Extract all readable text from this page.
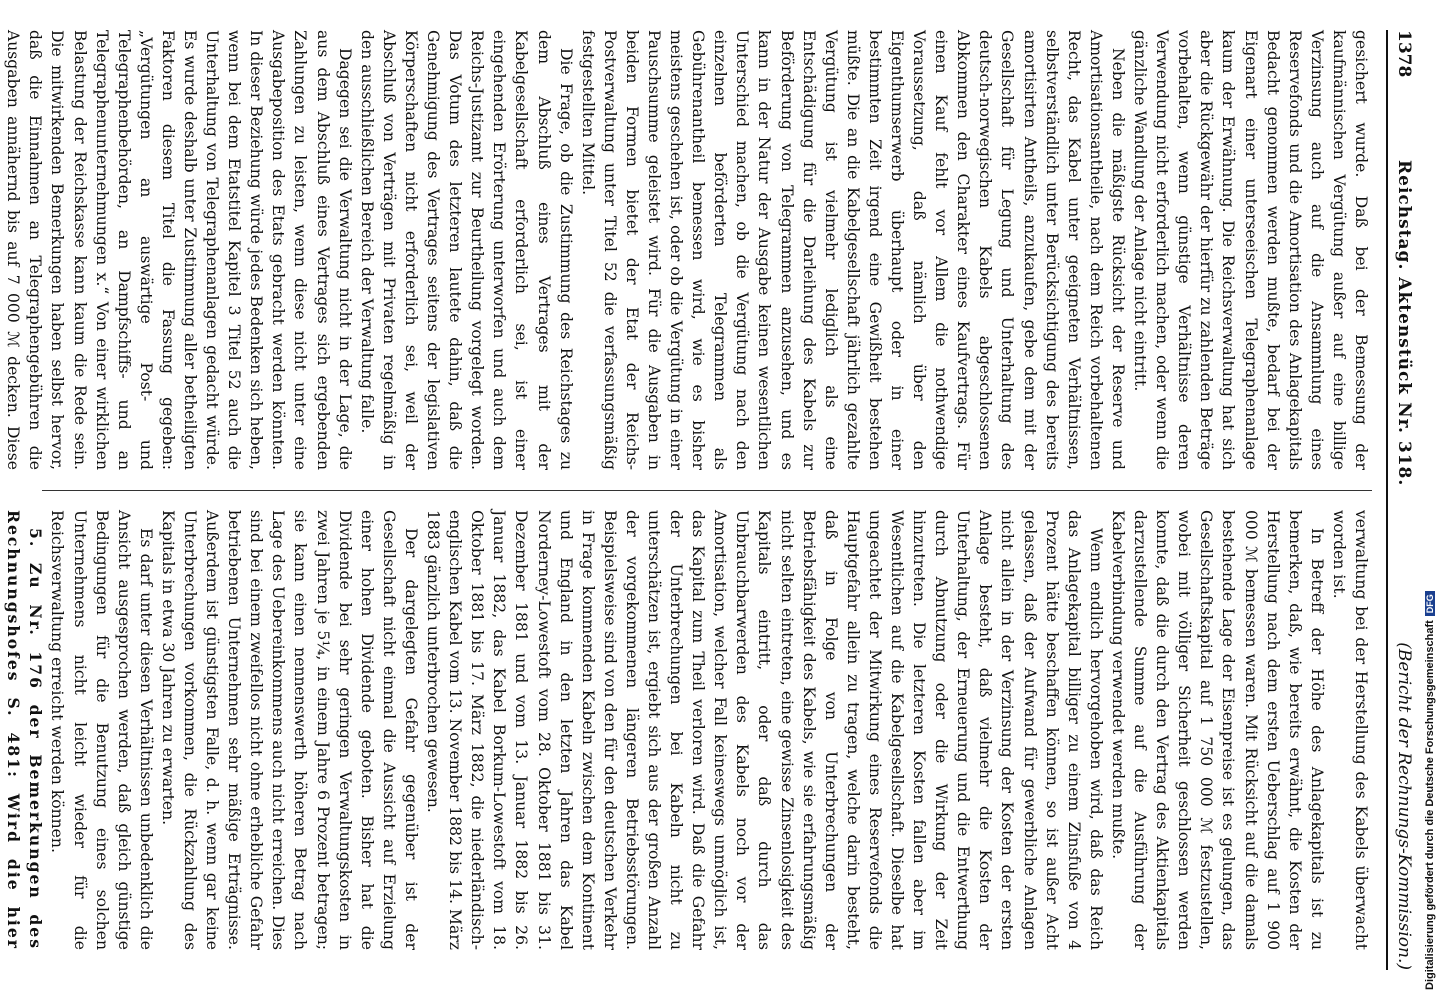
1378
Reichstag. Aktenstück Nr. 318.
(Bericht der Rechnungs-Kommission.)

gesichert wurde. Daß bei der Bemessung der kaufmännischen Vergütung außer auf eine billige Verzinsung auch auf die Ansammlung eines Reservefonds und die Amortisation des Anlagekapitals Bedacht genommen werden mußte, bedarf bei der Eigenart einer unterseeischen Telegraphenanlage kaum der Erwähnung. Die Reichsverwaltung hat sich aber die Rückgewähr der hierfür zu zahlenden Beträge vorbehalten, wenn günstige Verhältnisse deren Verwendung nicht erforderlich machen, oder wenn die gänzliche Wandlung der Anlage nicht eintritt.

Neben die mäßigste Rücksicht der Reserve und Amortisationsantheile, nach dem Reich vorbehaltenen Recht, das Kabel unter geeigneten Verhältnissen, selbstverständlich unter Berücksichtigung des bereits amortisirten Antheils, anzukaufen, gebe dem mit der Gesellschaft für Legung und Unterhaltung des deutsch-norwegischen Kabels abgeschlossenen Abkommen den Charakter eines Kaufvertrags. Für einen Kauf fehlt vor Allem die nothwendige Voraussetzung, daß nämlich über den Eigenthumserwerb überhaupt oder in einer bestimmten Zeit irgend eine Gewißheit bestehen müßte. Die an die Kabelgesellschaft jährlich gezahlte Vergütung ist vielmehr lediglich als eine Entschädigung für die Darleihung des Kabels zur Beförderung von Telegrammen anzusehen, und es kann in der Natur der Ausgabe keinen wesentlichen Unterschied machen, ob die Vergütung nach den einzelnen beförderten Telegrammen als Gebührenantheil bemessen wird, wie es bisher meistens geschehen ist, oder ob die Vergütung in einer Pauschsumme geleistet wird. Für die Ausgaben in beiden Formen bietet der Etat der Reichs-Postverwaltung unter Titel 52 die verfassungsmäßig festgestellten Mittel.

Die Frage, ob die Zustimmung des Reichstages zu dem Abschluß eines Vertrages mit der Kabelgesellschaft erforderlich sei, ist einer eingehenden Erörterung unterworfen und auch dem Reichs-Justizamt zur Beurtheilung vorgelegt worden. Das Votum des letzteren lautete dahin, daß die Genehmigung des Vertrages seitens der legislativen Körperschaften nicht erforderlich sei, weil der Abschluß von Verträgen mit Privaten regelmäßig in den ausschließlichen Bereich der Verwaltung falle.

Dagegen sei die Verwaltung nicht in der Lage, die aus dem Abschluß eines Vertrages sich ergebenden Zahlungen zu leisten, wenn diese nicht unter eine Ausgabeposition des Etats gebracht werden könnten. In dieser Beziehung würde jedes Bedenken sich heben, wenn bei dem Etatstitel Kapitel 3 Titel 52 auch die Unterhaltung von Telegraphenanlagen gedacht würde. Es wurde deshalb unter Zustimmung aller betheiligten Faktoren diesem Titel die Fassung gegeben: „Vergütungen an auswärtige Post- und Telegraphenbehörden, an Dampfschiffs- und an Telegraphenunternehmungen x.“ Von einer wirklichen Belastung der Reichskasse kann kaum die Rede sein. Die mitwirkenden Bemerkungen haben selbst hervor, daß die Einnahmen an Telegraphengebühren die Ausgaben annähernd bis auf 7 000 ℳ decken. Diese

verwaltung bei der Herstellung des Kabels überwacht worden ist.

In Betreff der Höhe des Anlagekapitals ist zu bemerken, daß, wie bereits erwähnt, die Kosten der Herstellung nach dem ersten Ueberschlag auf 1 900 000 ℳ bemessen waren. Mit Rücksicht auf die damals bestehende Lage der Eisenpreise ist es gelungen, das Gesellschaftskapital auf 1 750 000 ℳ festzustellen, wobei mit völliger Sicherheit geschlossen werden konnte, daß die durch den Vertrag des Aktienkapitals darzustellende Summe auf die Ausführung der Kabelverbindung verwendet werden mußte.

Wenn endlich hervorgehoben wird, daß das Reich das Anlagekapital billiger zu einem Zinsfuße von 4 Prozent hätte beschaffen können, so ist außer Acht gelassen, daß der Aufwand für gewerbliche Anlagen nicht allein in der Verzinsung der Kosten der ersten Anlage besteht, daß vielmehr die Kosten der Unterhaltung, der Erneuerung und die Entwerthung durch Abnutzung oder die Wirkung der Zeit hinzutreten. Die letzteren Kosten fallen aber im Wesentlichen auf die Kabelgesellschaft. Dieselbe hat ungeachtet der Mitwirkung eines Reservefonds die Hauptgefahr allein zu tragen, welche darin besteht, daß in Folge von Unterbrechungen der Betriebsfähigkeit des Kabels, wie sie erfahrungsmäßig nicht selten eintreten, eine gewisse Zinsenlosigkeit des Kapitals eintritt, oder daß durch das Unbrauchbarwerden des Kabels noch vor der Amortisation, welcher Fall keineswegs unmöglich ist, das Kapital zum Theil verloren wird. Daß die Gefahr der Unterbrechungen bei Kabeln nicht zu unterschätzen ist, ergiebt sich aus der großen Anzahl der vorgekommenen längeren Betriebsstörungen. Beispielsweise sind von den für den deutschen Verkehr in Frage kommenden Kabeln zwischen dem Kontinent und England in den letzten Jahren das Kabel Norderney-Lowestoft vom 28. Oktober 1881 bis 31. Dezember 1881 und vom 13. Januar 1882 bis 26. Januar 1882, das Kabel Borkum-Lowestoft vom 18. Oktober 1881 bis 17. März 1882, die niederländisch-englischen Kabel vom 13. November 1882 bis 14. März 1883 gänzlich unterbrochen gewesen.

Der dargelegten Gefahr gegenüber ist der Gesellschaft nicht einmal die Aussicht auf Erzielung einer hohen Dividende geboten. Bisher hat die Dividende bei sehr geringen Verwaltungskosten in zwei Jahren je 5¼, in einem Jahre 6 Prozent betragen; sie kann einen nennenswerth höheren Betrag nach Lage des Uebereinkommens auch nicht erreichen. Dies sind bei einem zweifellos nicht ohne erhebliche Gefahr betriebenen Unternehmen sehr mäßige Erträgnisse. Außerdem ist günstigsten Falle, d. h. wenn gar keine Unterbrechungen vorkommen, die Rückzahlung des Kapitals in etwa 30 Jahren zu erwarten.

Es darf unter diesen Verhältnissen unbedenklich die Ansicht ausgesprochen werden, daß gleich günstige Bedingungen für die Benutzung eines solchen Unternehmens nicht leicht wieder für die Reichsverwaltung erreicht werden können.

5. Zu Nr. 176 der Bemerkungen des Rechnungshofes S. 481: Wird die hier	Digitalisierung gefördert durch die Deutsche ForschungsgemeinschaftDFG
